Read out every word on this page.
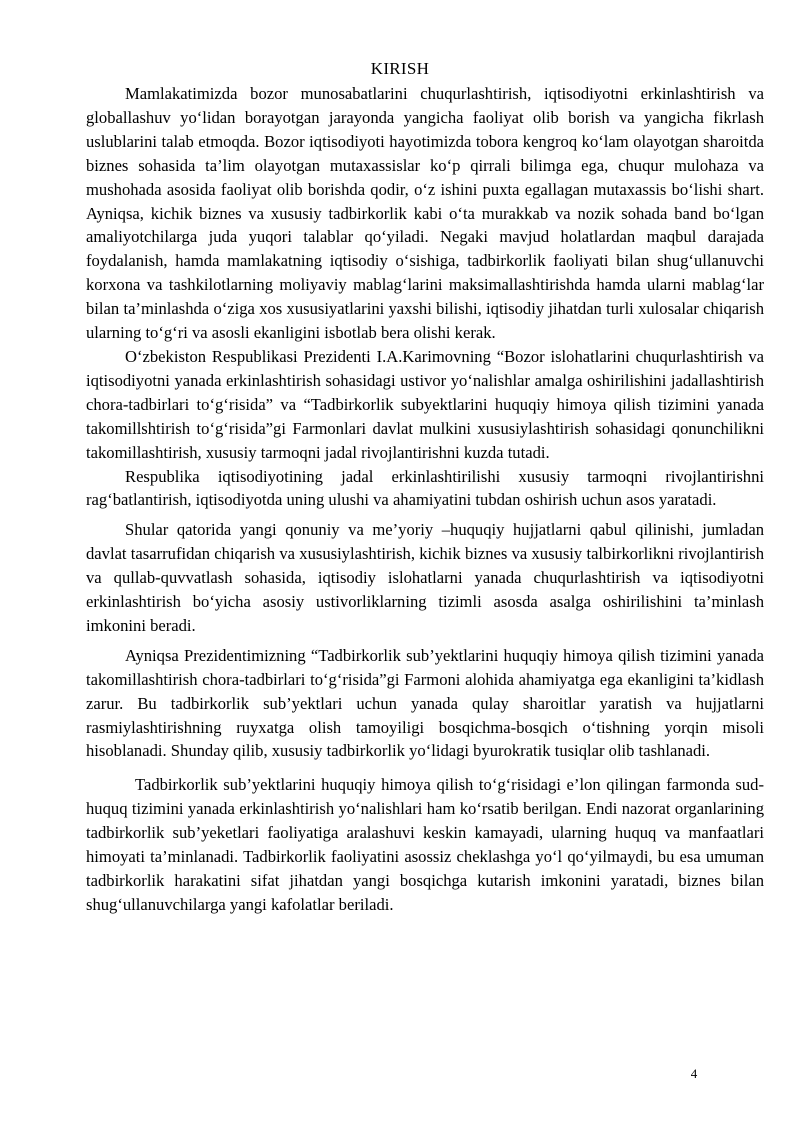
KIRISH

Mamlakatimizda bozor munosabatlarini chuqurlashtirish, iqtisodiyotni erkinlashtirish va globallashuv yo‘lidan borayotgan jarayonda yangicha faoliyat olib borish va yangicha fikrlash uslublarini talab etmoqda. Bozor iqtisodiyoti hayotimizda tobora kengroq ko‘lam olayotgan sharoitda biznes sohasida ta’lim olayotgan mutaxassislar ko‘p qirrali bilimga ega, chuqur mulohaza va mushohada asosida faoliyat olib borishda qodir, o‘z ishini puxta egallagan mutaxassis bo‘lishi shart. Ayniqsa, kichik biznes va xususiy tadbirkorlik kabi o‘ta murakkab va nozik sohada band bo‘lgan amaliyotchilarga juda yuqori talablar qo‘yiladi. Negaki mavjud holatlardan maqbul darajada foydalanish, hamda mamlakatning iqtisodiy o‘sishiga, tadbirkorlik faoliyati bilan shug‘ullanuvchi korxona va tashkilotlarning moliyaviy mablag‘larini maksimallashtirishda hamda ularni mablag‘lar bilan ta’minlashda o‘ziga xos xususiyatlarini yaxshi bilishi, iqtisodiy jihatdan turli xulosalar chiqarish ularning to‘g‘ri va asosli ekanligini isbotlab bera olishi kerak.

O‘zbekiston Respublikasi Prezidenti I.A.Karimovning “Bozor islohatlarini chuqurlashtirish va iqtisodiyotni yanada erkinlashtirish sohasidagi ustivor yo‘nalishlar amalga oshirilishini jadallashtirish chora-tadbirlari to‘g‘risida” va “Tadbirkorlik subyektlarini huquqiy himoya qilish tizimini yanada takomillshtirish to‘g‘risida”gi Farmonlari davlat mulkini xususiylashtirish sohasidagi qonunchilikni takomillashtirish, xususiy tarmoqni jadal rivojlantirishni kuzda tutadi.

Respublika iqtisodiyotining jadal erkinlashtirilishi xususiy tarmoqni rivojlantirishni rag‘batlantirish, iqtisodiyotda uning ulushi va ahamiyatini tubdan oshirish uchun asos yaratadi.

Shular qatorida yangi qonuniy va me’yoriy –huquqiy hujjatlarni qabul qilinishi, jumladan davlat tasarrufidan chiqarish va xususiylashtirish, kichik biznes va xususiy talbirkorlikni rivojlantirish va qullab-quvvatlash sohasida, iqtisodiy islohatlarni yanada chuqurlashtirish va iqtisodiyotni erkinlashtirish bo‘yicha asosiy ustivorliklarning tizimli asosda asalga oshirilishini ta’minlash imkonini beradi.

Ayniqsa Prezidentimizning “Tadbirkorlik sub’yektlarini huquqiy himoya qilish tizimini yanada takomillashtirish chora-tadbirlari to‘g‘risida”gi Farmoni alohida ahamiyatga ega ekanligini ta’kidlash zarur. Bu tadbirkorlik sub’yektlari uchun yanada qulay sharoitlar yaratish va hujjatlarni rasmiylashtirishning ruyxatga olish tamoyiligi bosqichma-bosqich o‘tishning yorqin misoli hisoblanadi. Shunday qilib, xususiy tadbirkorlik yo‘lidagi byurokratik tusiqlar olib tashlanadi.

Tadbirkorlik sub’yektlarini huquqiy himoya qilish to‘g‘risidagi e’lon qilingan farmonda sud-huquq tizimini yanada erkinlashtirish yo‘nalishlari ham ko‘rsatib berilgan. Endi nazorat organlarining tadbirkorlik sub’yeketlari faoliyatiga aralashuvi keskin kamayadi, ularning huquq va manfaatlari himoyati ta’minlanadi. Tadbirkorlik faoliyatini asossiz cheklashga yo‘l qo‘yilmaydi, bu esa umuman tadbirkorlik harakatini sifat jihatdan yangi bosqichga kutarish imkonini yaratadi, biznes bilan shug‘ullanuvchilarga yangi kafolatlar beriladi.

4
